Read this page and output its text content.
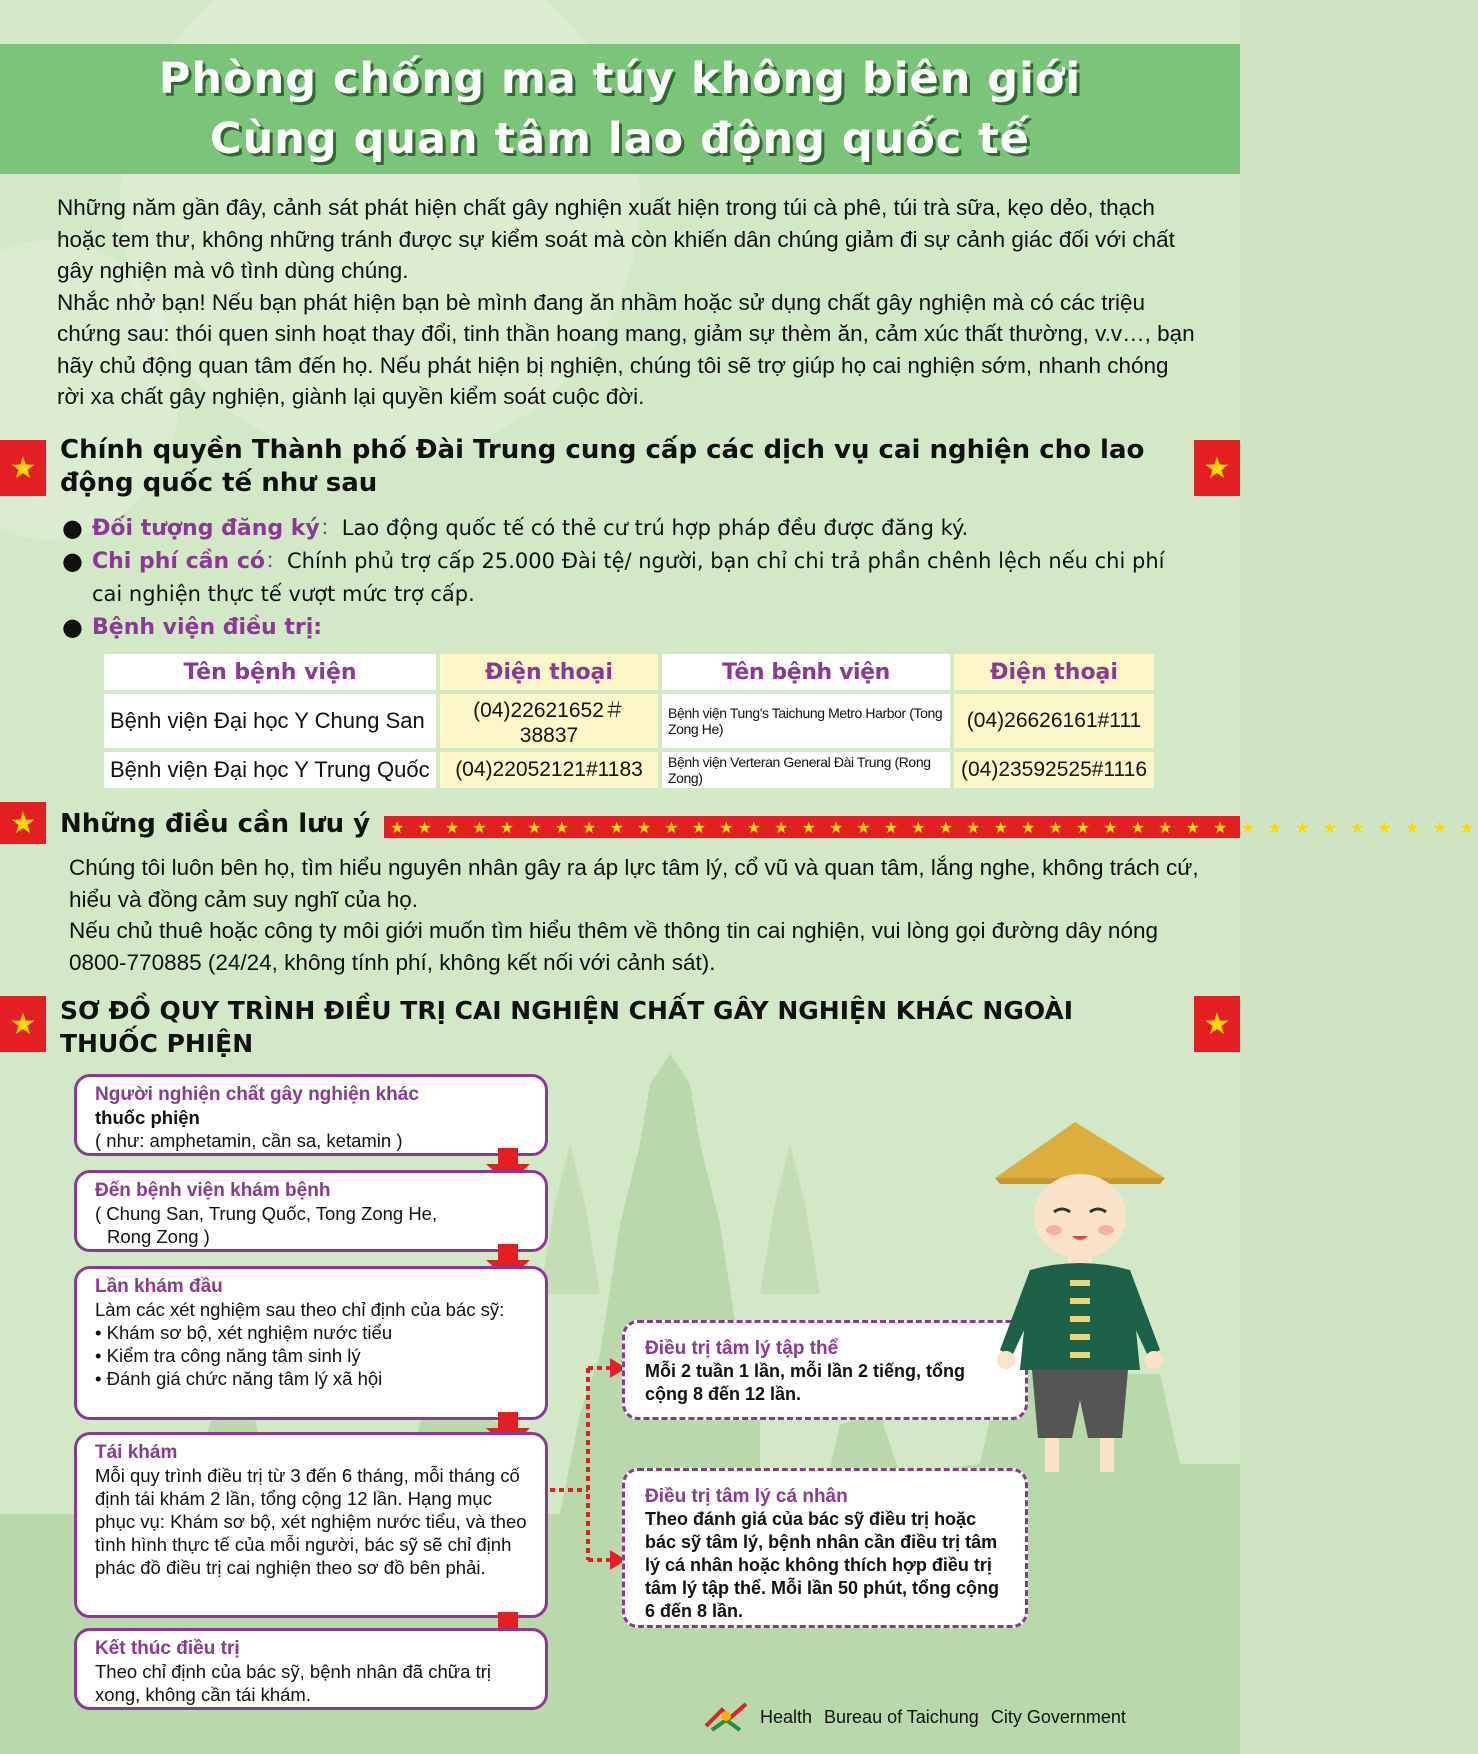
Phòng chống ma túy không biên giới
Cùng quan tâm lao động quốc tế

Những năm gần đây, cảnh sát phát hiện chất gây nghiện xuất hiện trong túi cà phê, túi trà sữa, kẹo dẻo, thạch hoặc tem thư, không những tránh được sự kiểm soát mà còn khiến dân chúng giảm đi sự cảnh giác đối với chất gây nghiện mà vô tình dùng chúng.

Nhắc nhở bạn! Nếu bạn phát hiện bạn bè mình đang ăn nhầm hoặc sử dụng chất gây nghiện mà có các triệu chứng sau: thói quen sinh hoạt thay đổi, tinh thần hoang mang, giảm sự thèm ăn, cảm xúc thất thường, v.v…, bạn hãy chủ động quan tâm đến họ. Nếu phát hiện bị nghiện, chúng tôi sẽ trợ giúp họ cai nghiện sớm, nhanh chóng rời xa chất gây nghiện, giành lại quyền kiểm soát cuộc đời.

★	★
Chính quyền Thành phố Đài Trung cung cấp các dịch vụ cai nghiện cho lao
động quốc tế như sau
● Đối tượng đăng ký：Lao động quốc tế có thẻ cư trú hợp pháp đều được đăng ký.
● Chi phí cần có：Chính phủ trợ cấp 25.000 Đài tệ/ người, bạn chỉ chi trả phần chênh lệch nếu chi phí cai nghiện thực tế vượt mức trợ cấp.
● Bệnh viện điều trị:
Tên bệnh viện	Điện thoại	Tên bệnh viện	Điện thoại
Bệnh viện Đại học Y Chung San	(04)22621652＃38837	Bệnh viện Tung's Taichung Metro Harbor (Tong Zong He)	(04)26626161#111
Bệnh viện Đại học Y Trung Quốc	(04)22052121#1183	Bệnh viện Verteran General Đài Trung (Rong Zong)	(04)23592525#1116
★ Những điều cần lưu ý	★ ★ ★ ★ ★ ★ ★ ★ ★ ★ ★ ★ ★ ★ ★ ★ ★ ★ ★ ★ ★ ★ ★ ★ ★ ★ ★ ★ ★ ★ ★ ★ ★ ★ ★ ★ ★ ★ ★ ★

Chúng tôi luôn bên họ, tìm hiểu nguyên nhân gây ra áp lực tâm lý, cổ vũ và quan tâm, lắng nghe, không trách cứ, hiểu và đồng cảm suy nghĩ của họ.

Nếu chủ thuê hoặc công ty môi giới muốn tìm hiểu thêm về thông tin cai nghiện, vui lòng gọi đường dây nóng 0800-770885 (24/24, không tính phí, không kết nối với cảnh sát).

★	★
SƠ ĐỒ QUY TRÌNH ĐIỀU TRỊ CAI NGHIỆN CHẤT GÂY NGHIỆN KHÁC NGOÀI
THUỐC PHIỆN
Người nghiện chất gây nghiện khác
thuốc phiện
( như: amphetamin, cần sa, ketamin )
Đến bệnh viện khám bệnh
( Chung San, Trung Quốc, Tong Zong He,
Rong Zong )
Lần khám đầu
Làm các xét nghiệm sau theo chỉ định của bác sỹ:
• Khám sơ bộ, xét nghiệm nước tiểu
• Kiểm tra công năng tâm sinh lý
• Đánh giá chức năng tâm lý xã hội
Tái khám
Mỗi quy trình điều trị từ 3 đến 6 tháng, mỗi tháng cố định tái khám 2 lần, tổng cộng 12 lần. Hạng mục phục vụ: Khám sơ bộ, xét nghiệm nước tiểu, và theo tình hình thực tế của mỗi người, bác sỹ sẽ chỉ định phác đồ điều trị cai nghiện theo sơ đồ bên phải.
Kết thúc điều trị
Theo chỉ định của bác sỹ, bệnh nhân đã chữa trị xong, không cần tái khám.
Điều trị tâm lý tập thể
Mỗi 2 tuần 1 lần, mỗi lần 2 tiếng, tổng cộng 8 đến 12 lần.
Điều trị tâm lý cá nhân
Theo đánh giá của bác sỹ điều trị hoặc bác sỹ tâm lý, bệnh nhân cần điều trị tâm lý cá nhân hoặc không thích hợp điều trị tâm lý tập thể. Mỗi lần 50 phút, tổng cộng 6 đến 8 lần.
Health Bureau of Taichung City Government
